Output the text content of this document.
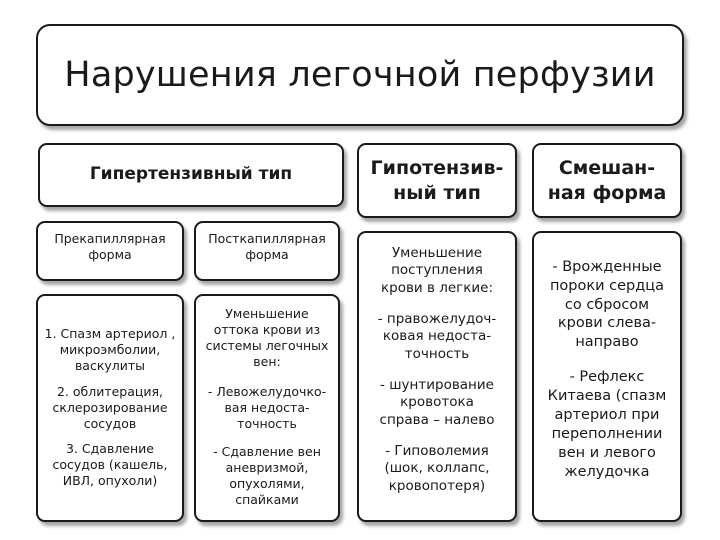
Нарушения легочной перфузии
Гипертензивный тип	Гипотензив-
ный тип
Смешан-
ная форма
Прекапиллярная
форма
Посткапиллярная
форма
1. Спазм артериол ,
микроэмболии,
васкулиты
2. облитерация,
склерозирование
сосудов
3. Сдавление
сосудов (кашель,
ИВЛ, опухоли)
Уменьшение
оттока крови из
системы легочных
вен:
- Левожелудочко-
вая недоста-
точность
- Сдавление вен
аневризмой,
опухолями,
спайками
Уменьшение
поступления
крови в легкие:
- правожелудоч-
ковая недоста-
точность
- шунтирование
кровотока
справа – налево
- Гиповолемия
(шок, коллапс,
кровопотеря)
- Врожденные
пороки сердца
со сбросом
крови слева-
направо
- Рефлекс
Китаева (спазм
артериол при
переполнении
вен и левого
желудочка
